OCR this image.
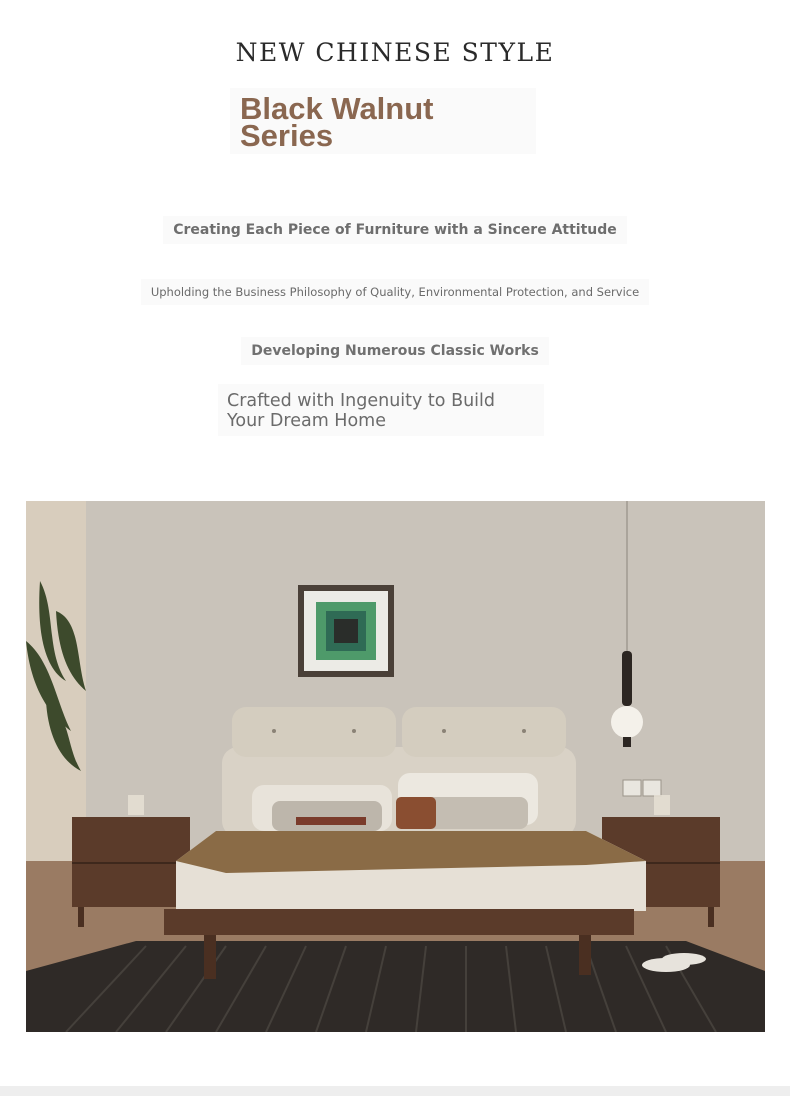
NEW CHINESE STYLE
Black Walnut Series
Creating Each Piece of Furniture with a Sincere Attitude
Upholding the Business Philosophy of Quality, Environmental Protection, and Service
Developing Numerous Classic Works
Crafted with Ingenuity to Build Your Dream Home
